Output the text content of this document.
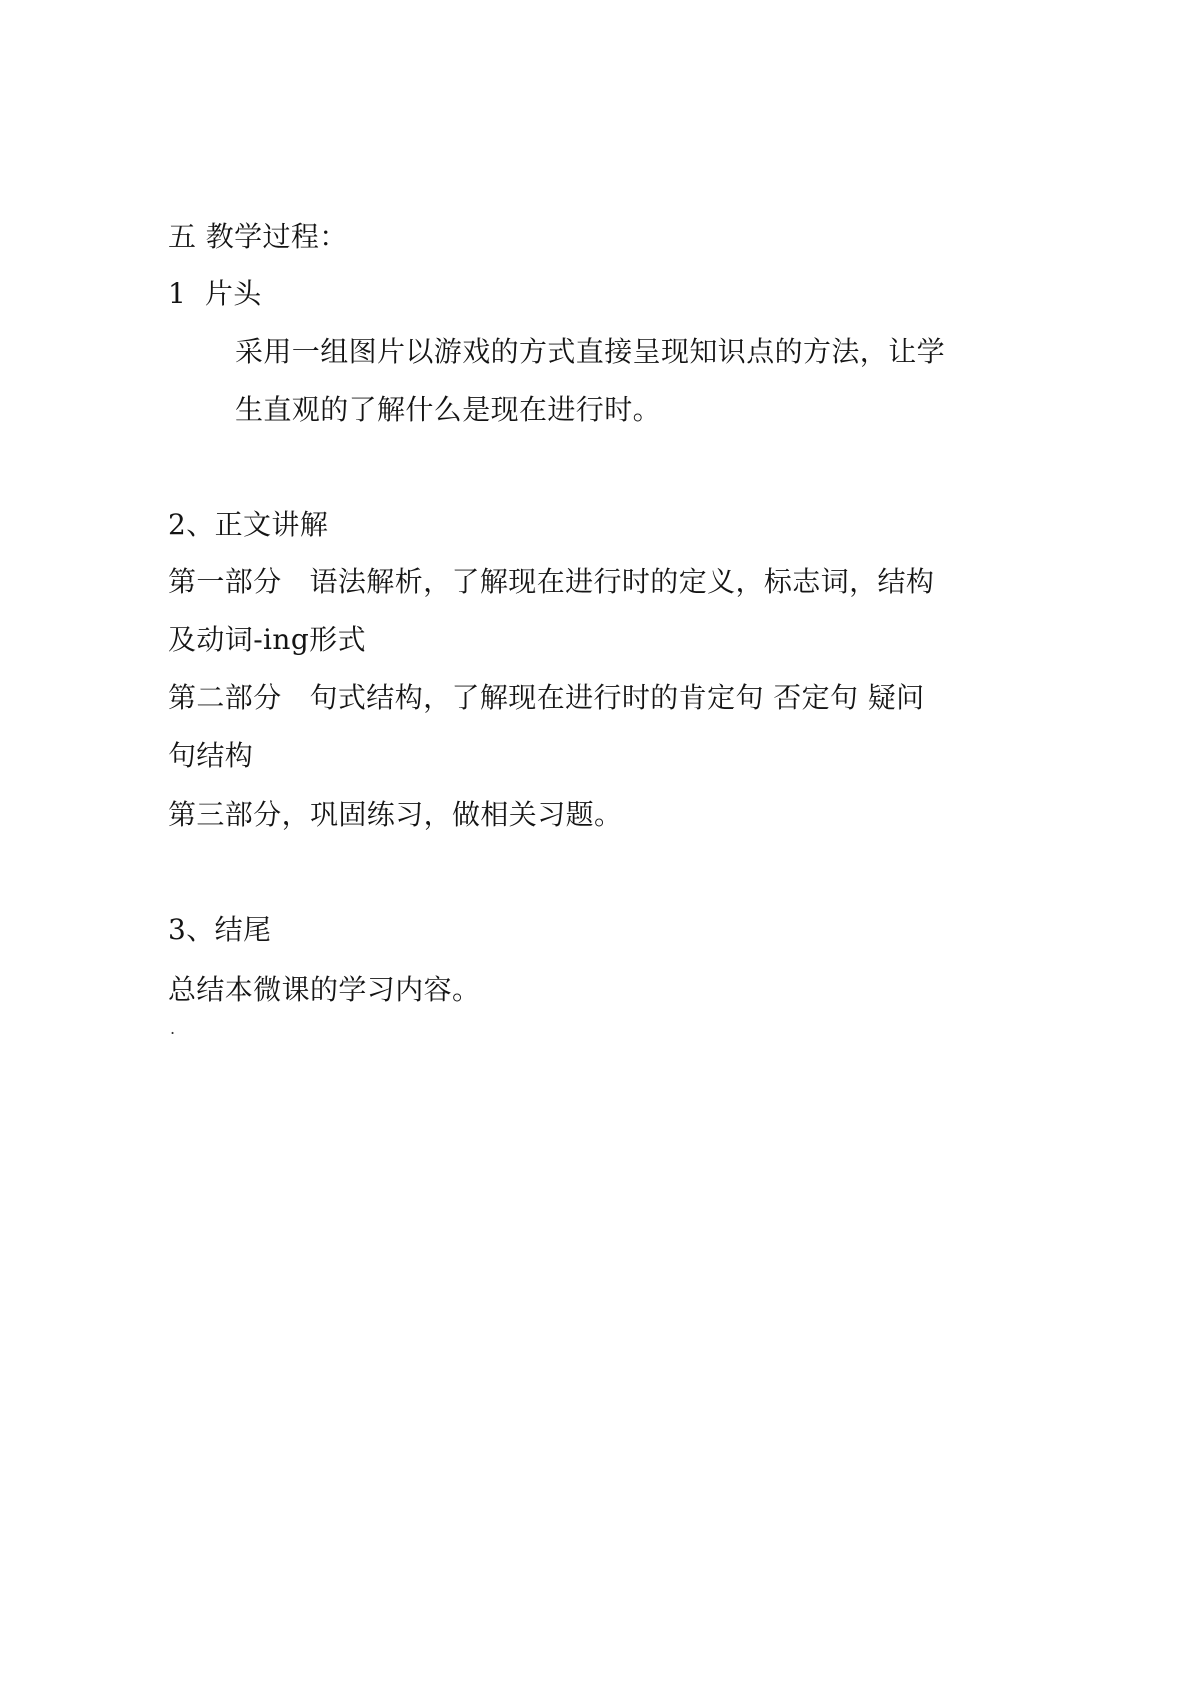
五 教学过程：
1  片头
采用一组图片以游戏的方式直接呈现知识点的方法，让学
生直观的了解什么是现在进行时。
2、正文讲解
第一部分   语法解析，了解现在进行时的定义，标志词，结构
及动词-ing形式
第二部分   句式结构，了解现在进行时的肯定句 否定句 疑问
句结构
第三部分，巩固练习，做相关习题。
3、结尾
总结本微课的学习内容。
.
